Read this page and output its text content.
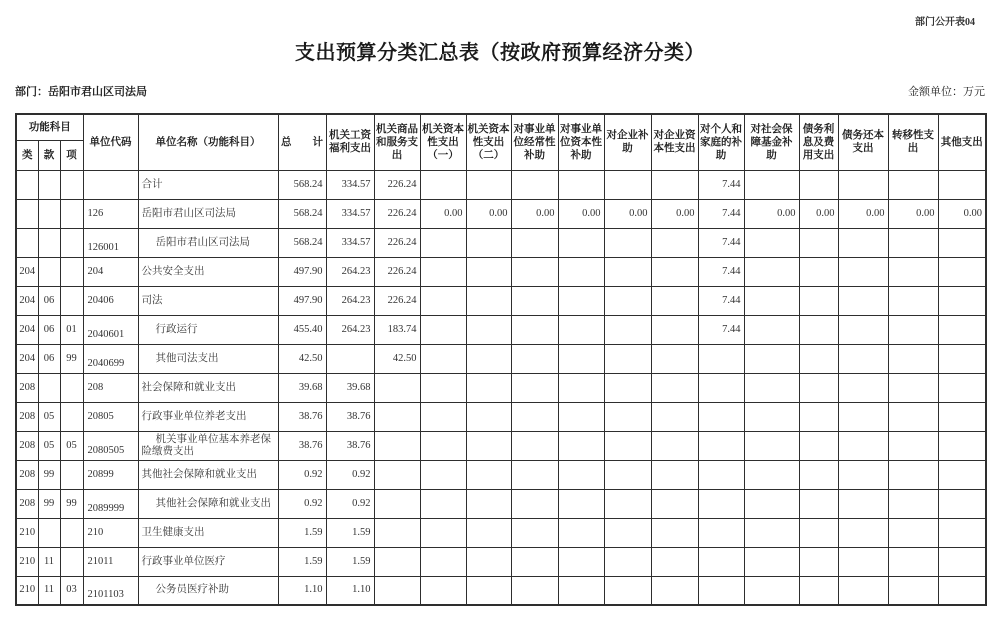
部门公开表04
支出预算分类汇总表（按政府预算经济分类）
部门：岳阳市君山区司法局	金额单位：万元
功能科目			单位代码	单位名称（功能科目）	总　　计	机关工资福利支出	机关商品和服务支出	机关资本性支出（一）	机关资本性支出（二）	对事业单位经常性补助	对事业单位资本性补助	对企业补助	对企业资本性支出	对个人和家庭的补助	对社会保障基金补助	债务利息及费用支出	债务还本支出	转移性支出	其他支出
类	款	项																	
				合计	568.24	334.57	226.24							7.44					
			126	岳阳市君山区司法局	568.24	334.57	226.24	0.00	0.00	0.00	0.00	0.00	0.00	7.44	0.00	0.00	0.00	0.00	0.00
			126001	岳阳市君山区司法局	568.24	334.57	226.24							7.44					
204			204	公共安全支出	497.90	264.23	226.24							7.44					
204	06		20406	司法	497.90	264.23	226.24							7.44					
204	06	01	2040601	行政运行	455.40	264.23	183.74							7.44					
204	06	99	2040699	其他司法支出	42.50		42.50												
208			208	社会保障和就业支出	39.68	39.68													
208	05		20805	行政事业单位养老支出	38.76	38.76													
208	05	05	2080505	机关事业单位基本养老保险缴费支出	38.76	38.76													
208	99		20899	其他社会保障和就业支出	0.92	0.92													
208	99	99	2089999	其他社会保障和就业支出	0.92	0.92													
210			210	卫生健康支出	1.59	1.59													
210	11		21011	行政事业单位医疗	1.59	1.59													
210	11	03	2101103	公务员医疗补助	1.10	1.10													
